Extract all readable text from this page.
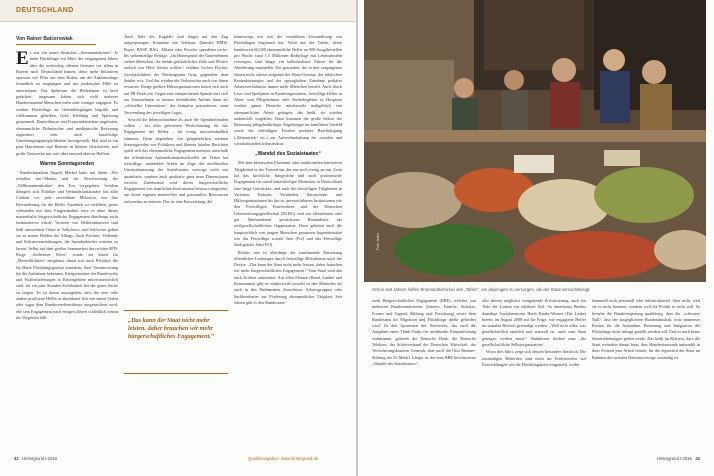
DEUTSCHLAND
Von Rainer Balcerowiak

Es war ein neues deutsches „Sommermärchen“. Je mehr Flüchtlinge seit Mitte des vergangenen Jahres über die weitweitig offenen Grenzen vor allem in Bayern nach Deutschland kamen, desto mehr Initiativen sprossen wie Pilze aus dem Boden, um die Ankömmlinge freundlich zu empfangen und mit praktischer Hilfe zu unterstützen. Das Spektrum der Helferinnen ist breit gefächert, insgesamt haben sich wohl mehrere Hunderttausend Menschen mehr oder weniger engagiert. Es werden Flüchtlinge an Grenzübergängen begrüßt und willkommen geheißen, Geld, Kleidung und Spielzeug gesammelt, Deutschkurse und Freizeitaktivitäten angeboten, ehrenamtliche Dolmetscher und medizinische Betreuung organisiert oder auch kurzfristige Unterbringungsmöglichkeiten bereitgestellt. Mal sind es ein paar Hausfrauen und Rentner in kleinen Ortschaften, mal große Netzwerke mit weit über tausend aktiven Helfern.

Warme Sonntagsreden

Bundeskanzlerin Angela Merkel hatte mit ihrem „Wir schaffen das“-Mantra und der Beschwörung der „Willkommenskultur“ den Ton vorgegeben. Seitdem drängeln sich Politiker und Verbandsfunktionäre fast aller Couleur vor jede erreichbare Mikrofon, um ihre Bewunderung für die Helfer Ausdruck zu verleihen, gerne verbunden mit dem Eingeständnis, dass es ohne dieses massenhafte bürgerschaftliche Engagement überhaupt nicht funktionieren würde. Vertreter von Helferinitiativen sind heiß umworbene Gäste in Talkshows, und teilfweise gelten sie zu neuen Helden des Alltags. Auch Kirchen, Verbände und Kulturveranstaltungen, die Spendenbücher rotieren zu lassen. Selbst auf dem großen Sommerfest der rechten SPD-Riege „Seeheimer Kreis“ wurde im Stand für „Menschlichkeit“ aufgebaut, damit sich auch Politiker, die für Harte Flüchtlingsgesetze einstehen, ihrer Verantwortung für die Aufnahme bekennen. Kriegseinsätze der Bundeswehr und Waffenlieferungen in Krisengebiete mitverantwortlich sind, für ein paar Stunden Sichtbarkeit bei der guten Sache zu sorgen. Es ist davon auszugehen, dass der eine oder andere profilierte Helfer in absehbarer Zeit mit einem Orden oder sogar dem Bundesverdienstkreuz ausgezeichnet wird, ehe sein Engagement nach einigen Jahren schließlich erneut ins Vergessen fällt.

Auch Teile des Kapitals sind längst auf den Zug aufgesprungen. Konzerne wie Telekom, Daimler, BMW, Bayer, BASF, RAG, Allianz oder Porsche spendeten sechs- bis siebenstellige Beträge. „Im Hintergrund der Unternehmen stehen Menschen, die fernab geschäftlicher Ziele und Motive einfach nur Hilfe leisten wollen“, erklärte Jochen Fischer, Geschäftsführer der Werbeagentur Gray, gegenüber dem Sender n-tv. Und das würden die Verbraucher auch von ihnen erwarten. Einige größere Hilfsorganisationen lassen sich auch auf PR-Deals ein. Gegen eine entsprechende Spende darf sich ein Unternehmen in seinem öffentlichen Auftritt dann als „offizieller Unterstützer“ der Initiative präsentieren, samt Verwendung des jeweiligen Logos.

Sowohl die Inbetrachtnahme als auch die Spendierfreuden sollten – bei aller gebotenen Wertschätzung für das Engagement der Helfer – als wenig missverständlich stimmen. Denn abgesehen von gelegentlichen warmen Sonntagsreden von Politikern und kleinen lokalen Berichten spielt sich das ehrenamtliche Engagement meistens unterhalb der öffentlichen Aufmerksamkeitsschwelle ab. Dabei hat freiwillige, unbezahlte Arbeit im Zuge der neoliberalen Umstrukturierung des Sozialstaates vorsorge nicht nur quantitativ, sondern auch qualitativ ganz neue Dimensionen erreicht. Zunehmend wird dieses bürgerschaftliche Engagement von staatlichen Institutionen bewusst eingesetzt, um keine eigenen materiellen und personellen Ressourcen aufwenden zu müssen. Das ist eine Entwicklung, die

„Das kann der Staat nicht mehr leisten, daher brauchen wir mehr bürgerschaftliches Engagement.“

keineswegs erst mit der verstärkten Zuwanderung von Flüchtlingen begonnen hat. Nicht nur die Tafeln, deren bundesweit 60.000 ehrenamtliche Helfer an 900 Ausgabestellen pro Woche rund 1,5 Millionen Bedürftige mit Lebensmitteln versorgen, sind längst ein kalkulierbarer Faktor für die Abfederung materieller Not geworden, die in den vergangenen Jahren nicht zuletzt aufgrund der Hartz-Gesetze, der faktischen Rentenkürzungen und der sprunghaften Zunahme prekärer Arbeitsverhältnisse immer mehr Menschen betrifft. Auch durch Lese- und Spielpaten in Kindertagesstätten, freiwillige Helfer in Alten- und Pflegeheimen oder Sterbebegleiter in Hospizen werden ganze Bereiche mittlerweile maßgeblich von ehrenamtlicher Arbeit getragen; das heißt, sie würden andernfalls wegfallen. Dazu kommen der große Sektor der Betreuung pflegebedürftiger Angehöriger im familiären Umfeld sowie die vielfältigen Formen prekärer Beschäftigung („Kleinstrieb“ etc.) zur Aufrechterhaltung der sozialen und soziokulturellen Infrastruktur.

„Wandel des Sozialstaates“

Mit dem klassischen Ehrenamt oder traditionellen karitativen Tätigkeiten in der Freizeit hat das nur noch wenig zu tun. Zwar hat das kirchliche, bürgerliche und auch proletarische Engagement für sozial benachteiligte Menschen in Deutschland eine lange Geschichte, und auch die freiwilligen Tätigkeiten in Vereinen, Parteien, Verbänden, Naturschutz- und Hilfsorganisationen bis hin zu unverzichtbaren Institutionen wie den Freiwilligen Feuerwehren und der Deutschen Lebensrettungsgesellschaft (DLRG) sind seit Jahrzehnten oder gar Jahrhunderten gewachsene Bestandteile der zivilgesellschaftlichen Organisation. Dazu gehören auch die hauptsächlich von jungen Menschen genutzten Jugendeinsätze wie das Freiwillige soziale Jahr (FsJ) und das Freiwillige ökologische Jahr (FöJ).

Relativ neu ist allerdings die zunehmende Einsetzung öffentlicher Leistungen durch freiwillige Hilfsdienste nach der Devise: „Das kann der Staat nicht mehr leisten, daher brauchen wir mehr bürgerschaftliches Engagement.“ Vom Staat wird das nach Kräften unterstützt. Auf allen Ebenen (Bund, Länder und Kommunen) gibt es mittlerweile sowohl in den Behörden als auch in den Parlamenten Ausschüsse, Arbeitsgruppen oder Sachbearbeiter zur Förderung ehrenamtlicher Tätigkeit. Seit Jahren gibt es den Bundesnetz-

42 Hintergrund I-2016
Foto: Autor
Schon seit Jahren helfen Ehrenamtliche bei den „Tafeln“, um diejenigen zu versorgen, die der Staat vernachlässigt.

werk Bürgerschaftliches Engagement (BBE), welches von mehreren Bundesministerien (Inneres, Familie, Soziales, Frauen und Jugend, Bildung und Forschung) sowie dem Bundesamt für Migration und Flüchtlinge direkt gefördert wird. Zu den Sponsoren des Netzwerks, das auch die Aufgaben eines Think-Tanks für neoliberale Einstaatlichung wahrnimmt, gehören die Deutsche Bank, die Deutsche Telekom, der Stifterverband der Deutschen Wirtschaft, der Versicherungskonzern Generali, aber auch die Otto Brenner-Stiftung der IG Metall. Längst ist der vom BBE beschworene „Wandel des Sozialstaates“,

also dessen möglichst weitgehende Privatisierung, auch für Teile der Linken ein erklärtes Ziel. So unterstützt Berlins damalige Sozialsenatorin Heidi Knake-Werner (Die Linke) bereits im August 2008 auf die Frage, wie engagierte Helfer im sozialen Bereich gewürdigt werden: „Weil nicht alles, was gesellschaftlich nützlich und sinnvoll ist, auch vom Staat getragen werden muss.“ Stattdessen fördere man „die gesellschaftliche Selbstorganisation“.

Wozu dies führt, zeigt sich derzeit besonders drastisch. Die zuständigen Behörden sind nicht im Entferntesten auf Entwicklungen wie die Flüchtlingskrise eingestellt, weder

finanziell noch personell oder infrastrukturell. Aber nicht, weil sie es nicht könnten, sondern weil die Politik es nicht will. So bestehe die Bundesregierung unablässig, dass die „schwarze Null“, also der ausgeglichene Bundeshaushalt, trotz immenser Kosten für die Aufnahme, Betreuung und Integration der Flüchtlinge nicht infrage gestellt werden soll. Und es auch keine Steuererhöhungen geben werde. Das heißt im Klartext, dass der Staat weiterhin darauf baut, dass Hunderttausende unbezahlt in ihrer Freizeit jene Arbeit leisten, für die eigentlich der Staat im Rahmen der sozialen Daseinsvorsorge zuständig ist.

Hintergrund I-2016 43
Quellenangaben: www.hintergrund.de
